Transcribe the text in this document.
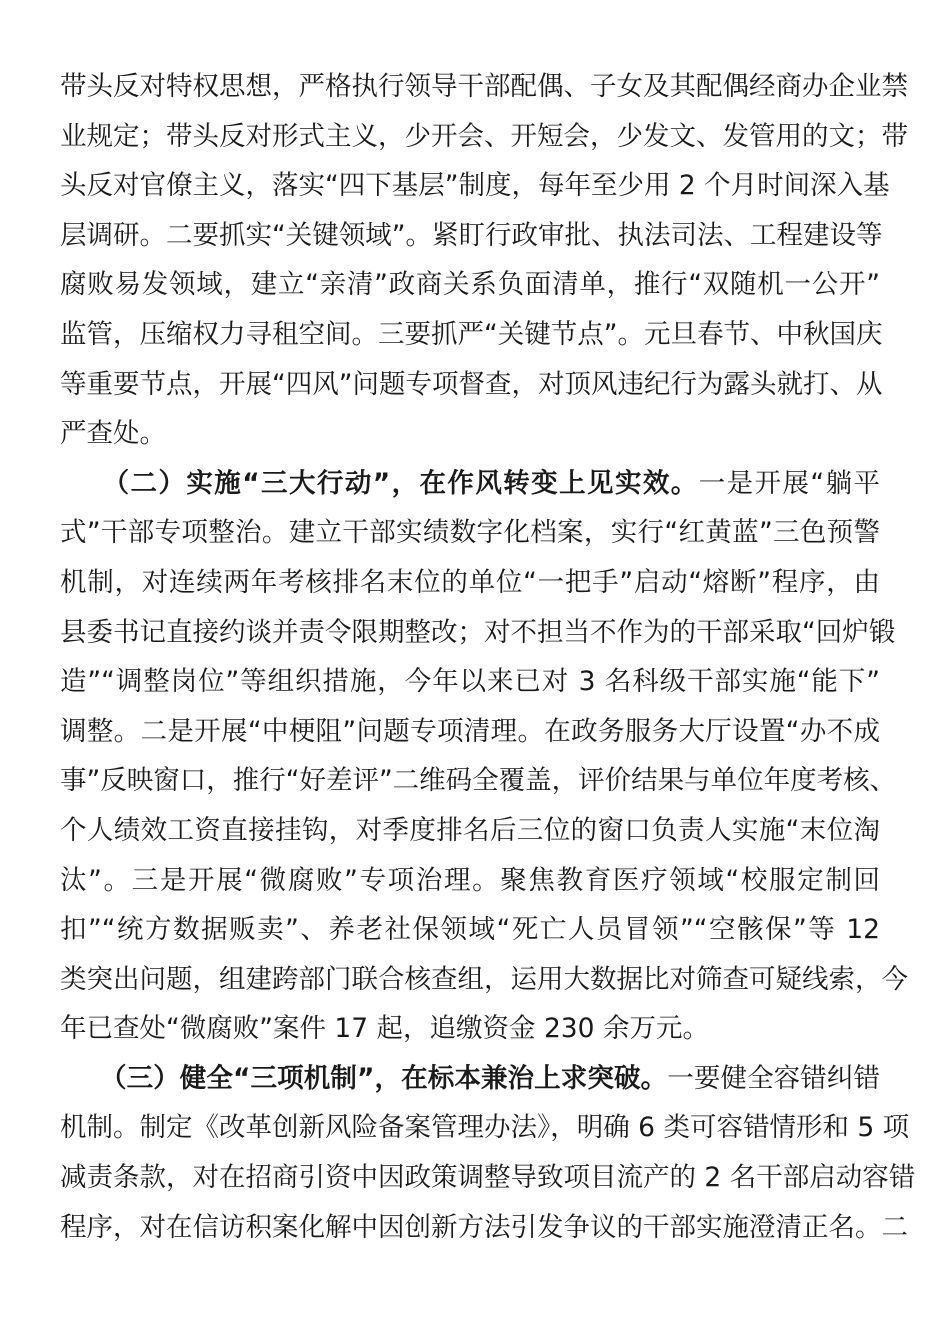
带头反对特权思想，严格执行领导干部配偶、子女及其配偶经商办企业禁
业规定；带头反对形式主义，少开会、开短会，少发文、发管用的文；带
头反对官僚主义，落实“四下基层”制度，每年至少用 2 个月时间深入基
层调研。二要抓实“关键领域”。紧盯行政审批、执法司法、工程建设等
腐败易发领域，建立“亲清”政商关系负面清单，推行“双随机一公开”
监管，压缩权力寻租空间。三要抓严“关键节点”。元旦春节、中秋国庆
等重要节点，开展“四风”问题专项督查，对顶风违纪行为露头就打、从
严查处。
　　（二）实施“三大行动”，在作风转变上见实效。一是开展“躺平
式”干部专项整治。建立干部实绩数字化档案，实行“红黄蓝”三色预警
机制，对连续两年考核排名末位的单位“一把手”启动“熔断”程序，由
县委书记直接约谈并责令限期整改；对不担当不作为的干部采取“回炉锻
造”“调整岗位”等组织措施，今年以来已对 3 名科级干部实施“能下”
调整。二是开展“中梗阻”问题专项清理。在政务服务大厅设置“办不成
事”反映窗口，推行“好差评”二维码全覆盖，评价结果与单位年度考核、
个人绩效工资直接挂钩，对季度排名后三位的窗口负责人实施“末位淘
汰”。三是开展“微腐败”专项治理。聚焦教育医疗领域“校服定制回
扣”“统方数据贩卖”、养老社保领域“死亡人员冒领”“空骸保”等 12
类突出问题，组建跨部门联合核查组，运用大数据比对筛查可疑线索，今
年已查处“微腐败”案件 17 起，追缴资金 230 余万元。
　　（三）健全“三项机制”，在标本兼治上求突破。一要健全容错纠错
机制。制定《改革创新风险备案管理办法》，明确 6 类可容错情形和 5 项
减责条款，对在招商引资中因政策调整导致项目流产的 2 名干部启动容错
程序，对在信访积案化解中因创新方法引发争议的干部实施澄清正名。二
